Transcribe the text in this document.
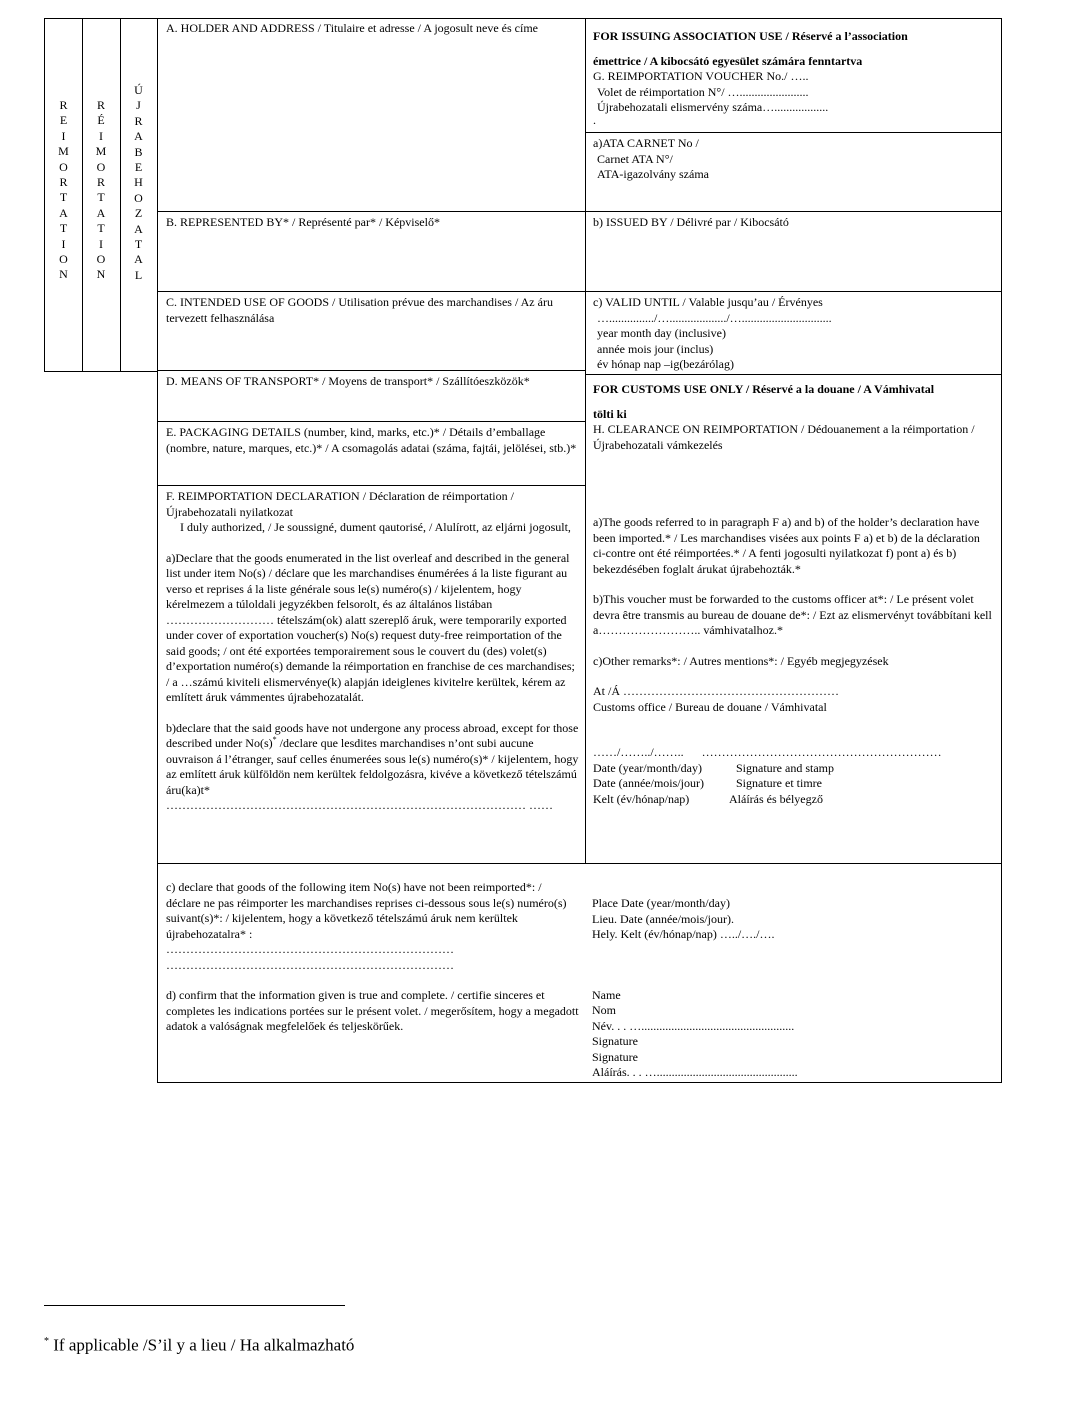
R
E
I
M
O
R
T
A
T
I
O
N
R
É
I
M
O
R
T
A
T
I
O
N
Ú
J
R
A
B
E
H
O
Z
A
T
A
L

A. HOLDER AND ADDRESS / Titulaire et adresse / A jogosult neve és címe

FOR ISSUING ASSOCIATION USE / Réservé a l’association

émettrice / A kibocsátó egyesület számára fenntartva

G. REIMPORTATION VOUCHER No./ …..

Volet de réimportation N°/ ….......................

Újrabehozatali elismervény száma…..................

.

a)ATA CARNET No /

Carnet ATA N°/

ATA-igazolvány száma

B. REPRESENTED BY* / Représenté par* / Képviselő*	b) ISSUED BY / Délivré par / Kibocsátó

C. INTENDED USE OF GOODS / Utilisation prévue des marchandises / Az áru tervezett felhasználása

c) VALID UNTIL / Valable jusqu’au / Érvényes

….............../….................../…..............................

year month day (inclusive)

année mois jour (inclus)

év hónap nap –ig(bezárólag)

D. MEANS OF TRANSPORT* / Moyens de transport* / Szállítóeszközök*

FOR CUSTOMS USE ONLY / Réservé a la douane / A Vámhivatal

tölti ki

H. CLEARANCE ON REIMPORTATION / Dédouanement a la réimportation / Újrabehozatali vámkezelés

a)The goods referred to in paragraph F a) and b) of the holder’s declaration have been imported.* / Les marchandises visées aux points F a) et b) de la déclaration ci-contre ont été réimportées.* / A fenti jogosulti nyilatkozat f) pont a) és b) bekezdésében foglalt árukat újrabehozták.*

b)This voucher must be forwarded to the customs officer at*: / Le présent volet devra être transmis au bureau de douane de*: / Ezt az elismervényt továbbítani kell a…………………….. vámhivatalhoz.*

c)Other remarks*: / Autres mentions*: / Egyéb megjegyzések

At /Á ………………………………………………

Customs office / Bureau de douane / Vámhivatal

……/……../……..      ……………………………………………………

Date (year/month/day)	Signature and stamp
Date (année/mois/jour)	Signature et timre
Kelt (év/hónap/nap)	Aláírás és bélyegző

E. PACKAGING DETAILS (number, kind, marks, etc.)* / Détails d’emballage (nombre, nature, marques, etc.)* / A csomagolás adatai (száma, fajtái, jelölései, stb.)*

F. REIMPORTATION DECLARATION / Déclaration de réimportation / Újrabehozatali nyilatkozat

I duly authorized, / Je soussigné, dument qautorisé, / Alulírott, az eljárni jogosult,

a)Declare that the goods enumerated in the list overleaf and described in the general list under item No(s) / déclare que les marchandises énumérées á la liste figurant au verso et reprises á la liste générale sous le(s) numéro(s) / kijelentem, hogy kérelmezem a túloldali jegyzékben felsorolt, és az általános listában ……………………… tételszám(ok) alatt szereplő áruk, were temporarily exported under cover of exportation voucher(s) No(s) request duty-free reimportation of the said goods; / ont été exportées temporairement sous le couvert du (des) volet(s) d’exportation numéro(s) demande la réimportation en franchise de ces marchandises; / a …számú kiviteli elismervénye(k) alapján ideiglenes kivitelre kerültek, kérem az említett áruk vámmentes újrabehozatalát.

b)declare that the said goods have not undergone any process abroad, except for those described under No(s)* /declare que lesdites marchandises n’ont subi aucune ouvraison á l’étranger, sauf celles énumerées sous le(s) numéro(s)* / kijelentem, hogy az említett áruk külföldön nem kerültek feldolgozásra, kivéve a következő tételszámú áru(ka)t*

……………………………………………………………………………… ……

c) declare that goods of the following item No(s) have not been reimported*: / déclare ne pas réimporter les marchandises reprises ci-dessous sous le(s) numéro(s) suivant(s)*: / kijelentem, hogy a következő tételszámú áruk nem kerültek újrabehozatalra* :

………………………………………………………………

………………………………………………………………

d) confirm that the information given is true and complete. / certifie sinceres et completes les indications portées sur le présent volet. / megerősítem, hogy a megadott adatok a valóságnak megfelelőek és teljeskörűek.

Place Date (year/month/day)

Lieu. Date (année/mois/jour).

Hely. Kelt (év/hónap/nap) …../…./….

Name

Nom

Név. . . …...................................................

Signature

Signature

Aláírás. . . …...............................................

* If applicable /S’il y a lieu / Ha alkalmazható
